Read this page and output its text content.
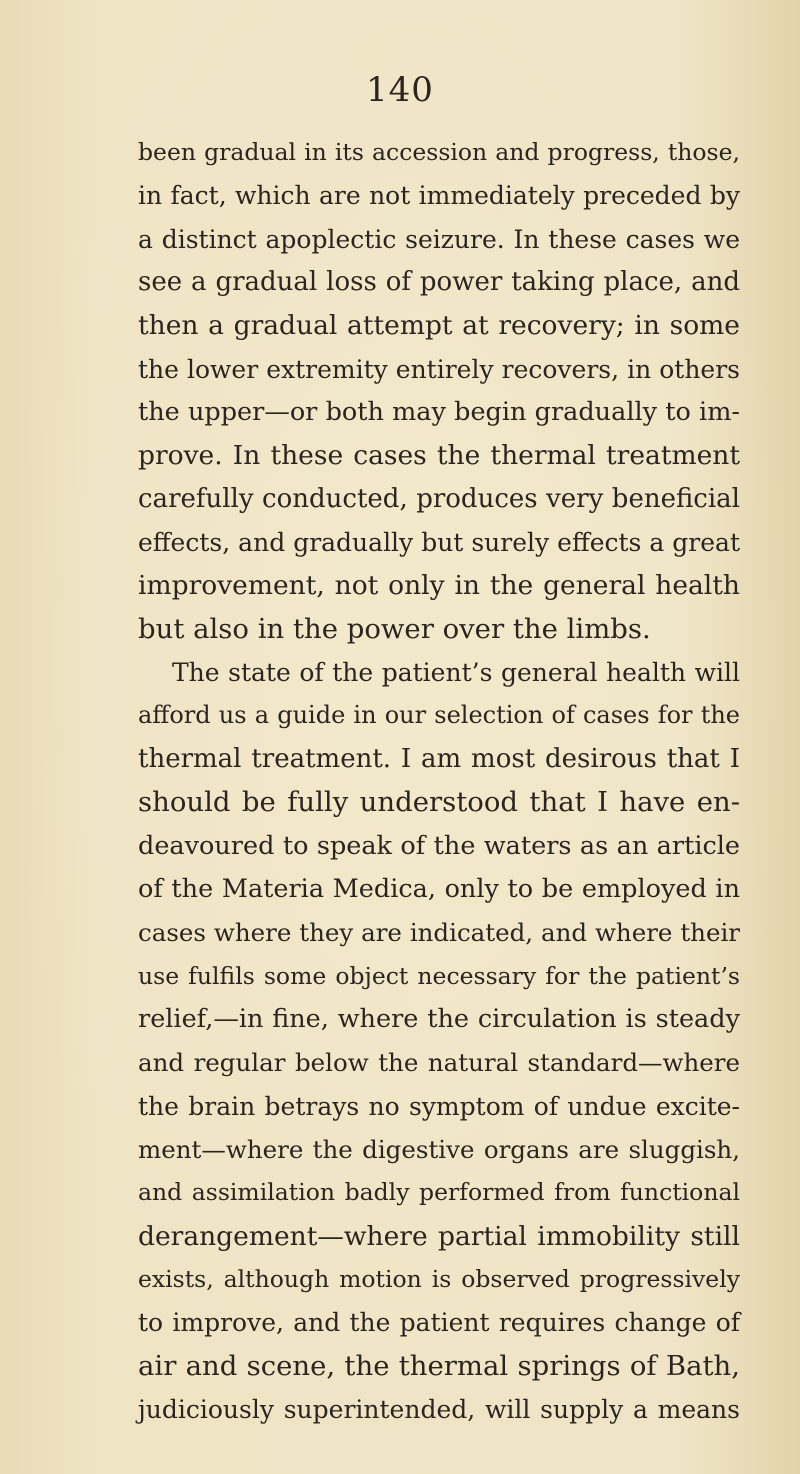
140
been gradual in its accession and progress, those,
in fact, which are not immediately preceded by
a distinct apoplectic seizure. In these cases we
see a gradual loss of power taking place, and
then a gradual attempt at recovery; in some
the lower extremity entirely recovers, in others
the upper—or both may begin gradually to im-
prove. In these cases the thermal treatment
carefully conducted, produces very beneficial
effects, and gradually but surely effects a great
improvement, not only in the general health
but also in the power over the limbs.
The state of the patient’s general health will
afford us a guide in our selection of cases for the
thermal treatment. I am most desirous that I
should be fully understood that I have en-
deavoured to speak of the waters as an article
of the Materia Medica, only to be employed in
cases where they are indicated, and where their
use fulfils some object necessary for the patient’s
relief,—in fine, where the circulation is steady
and regular below the natural standard—where
the brain betrays no symptom of undue excite-
ment—where the digestive organs are sluggish,
and assimilation badly performed from functional
derangement—where partial immobility still
exists, although motion is observed progressively
to improve, and the patient requires change of
air and scene, the thermal springs of Bath,
judiciously superintended, will supply a means
